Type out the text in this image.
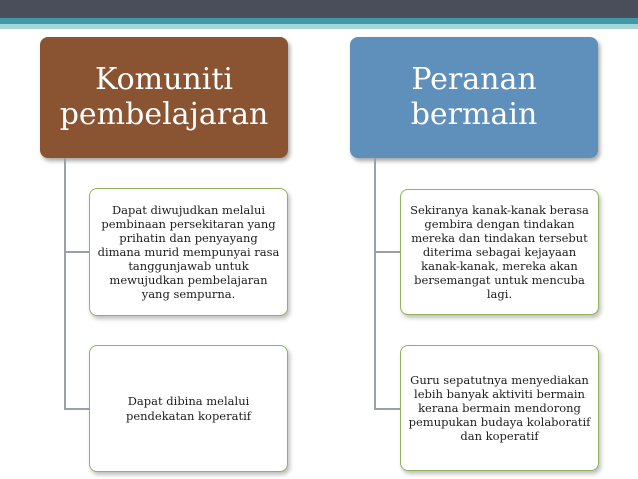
Komuniti pembelajaran
Dapat diwujudkan melalui pembinaan persekitaran yang prihatin dan penyayang dimana murid mempunyai rasa tanggunjawab untuk mewujudkan pembelajaran yang sempurna.
Dapat dibina melalui pendekatan koperatif
Peranan bermain
Sekiranya kanak-kanak berasa gembira dengan tindakan mereka dan tindakan tersebut diterima sebagai kejayaan kanak-kanak, mereka akan bersemangat untuk mencuba lagi.
Guru sepatutnya menyediakan lebih banyak aktiviti bermain kerana bermain mendorong pemupukan budaya kolaboratif dan koperatif
